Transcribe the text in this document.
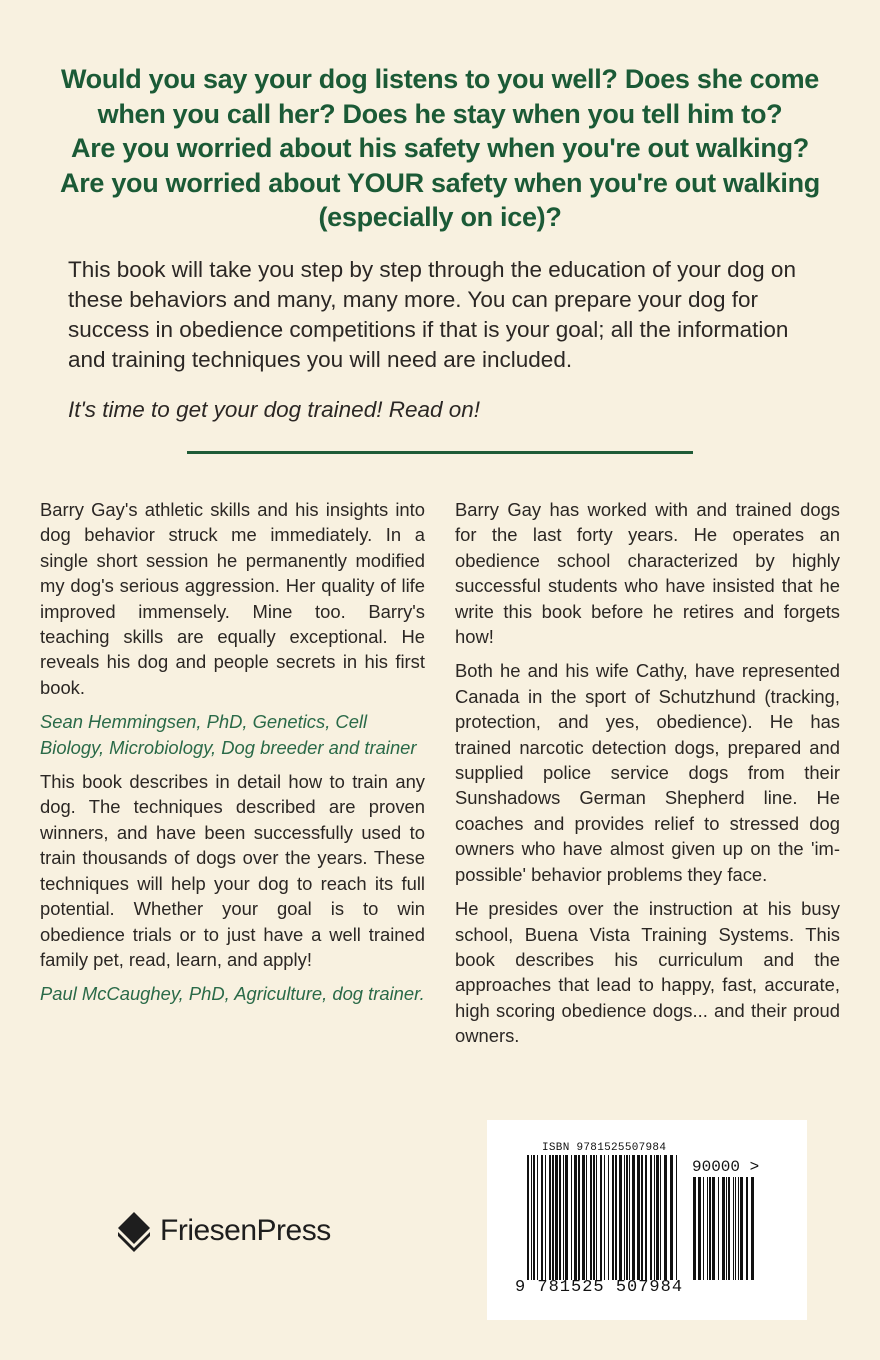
Would you say your dog listens to you well? Does she come
when you call her? Does he stay when you tell him to?
Are you worried about his safety when you're out walking?
Are you worried about YOUR safety when you're out walking
(especially on ice)?
This book will take you step by step through the education of your dog on these behaviors and many, many more. You can prepare your dog for success in obedience competitions if that is your goal; all the information and training techniques you will need are included.
It's time to get your dog trained! Read on!

Barry Gay's athletic skills and his insights into dog behavior struck me immediately. In a single short session he permanently modified my dog's serious aggression. Her quality of life improved immensely. Mine too. Barry's teaching skills are equally exceptional. He reveals his dog and people secrets in his first book.

Sean Hemmingsen, PhD, Genetics, Cell Biology, Microbiology, Dog breeder and trainer

This book describes in detail how to train any dog. The techniques described are proven winners, and have been successfully used to train thousands of dogs over the years. These techniques will help your dog to reach its full potential. Whether your goal is to win obedience trials or to just have a well trained family pet, read, learn, and apply!

Paul McCaughey, PhD, Agriculture, dog trainer.

Barry Gay has worked with and trained dogs for the last forty years. He operates an obedience school characterized by highly successful students who have insisted that he write this book before he retires and forgets how!

Both he and his wife Cathy, have represented Canada in the sport of Schutzhund (tracking, protection, and yes, obedience). He has trained narcotic detection dogs, prepared and supplied police service dogs from their Sunshadows German Shepherd line. He coaches and provides relief to stressed dog owners who have almost given up on the 'impossible' behavior problems they face.

He presides over the instruction at his busy school, Buena Vista Training Systems. This book describes his curriculum and the approaches that lead to happy, fast, accurate, high scoring obedience dogs... and their proud owners.

FriesenPress
ISBN 9781525507984
90000 >
9 781525 507984
